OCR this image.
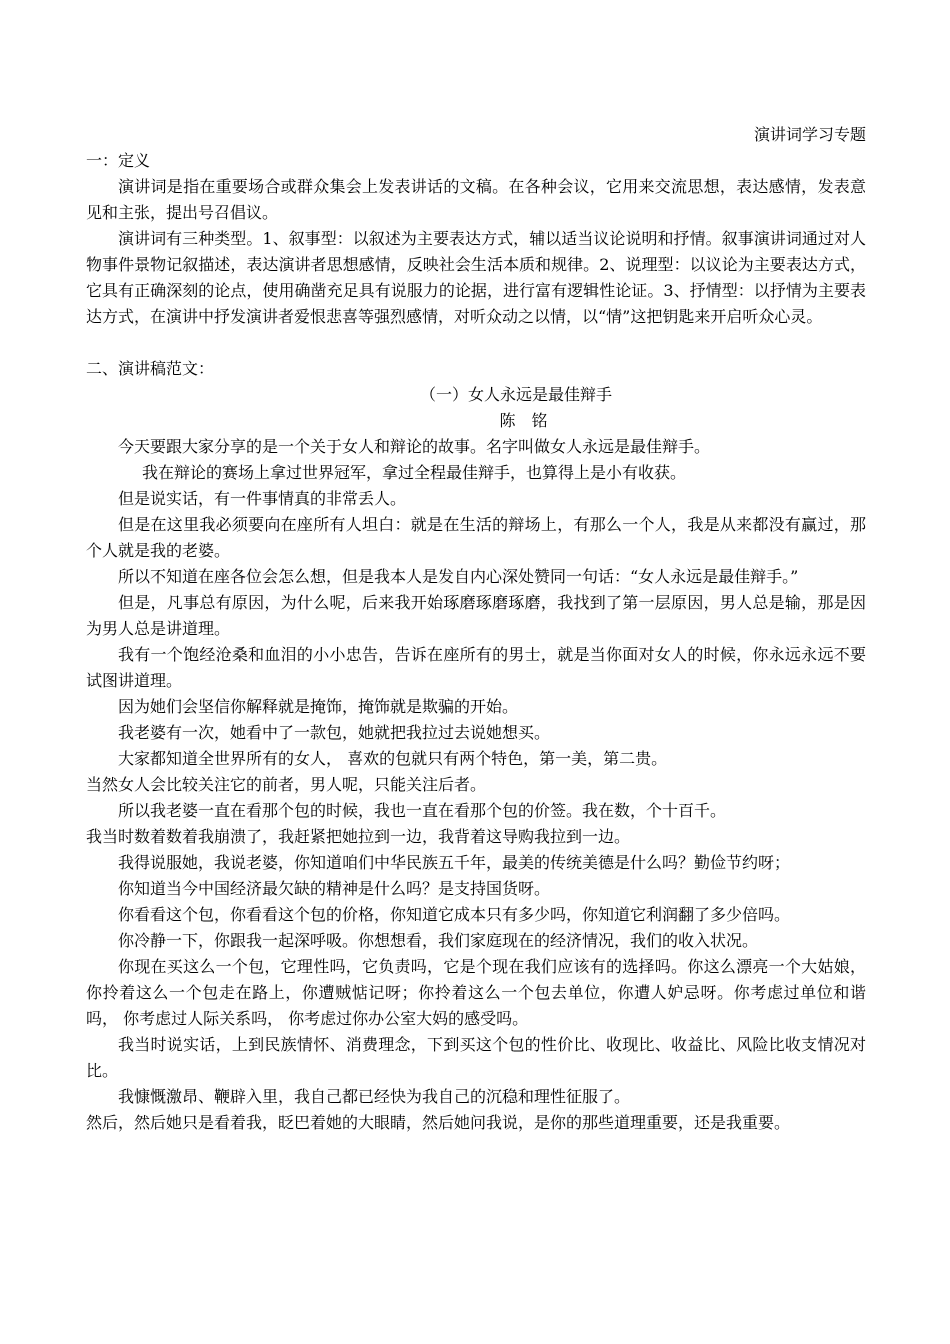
演讲词学习专题
一：定义

演讲词是指在重要场合或群众集会上发表讲话的文稿。在各种会议，它用来交流思想，表达感情，发表意见和主张，提出号召倡议。

演讲词有三种类型。1、叙事型：以叙述为主要表达方式，辅以适当议论说明和抒情。叙事演讲词通过对人物事件景物记叙描述，表达演讲者思想感情，反映社会生活本质和规律。2、说理型：以议论为主要表达方式，它具有正确深刻的论点，使用确凿充足具有说服力的论据，进行富有逻辑性论证。3、抒情型：以抒情为主要表达方式，在演讲中抒发演讲者爱恨悲喜等强烈感情，对听众动之以情，以“情”这把钥匙来开启听众心灵。

二、演讲稿范文：
（一）女人永远是最佳辩手
陈　铭

今天要跟大家分享的是一个关于女人和辩论的故事。名字叫做女人永远是最佳辩手。

我在辩论的赛场上拿过世界冠军，拿过全程最佳辩手，也算得上是小有收获。

但是说实话，有一件事情真的非常丢人。

但是在这里我必须要向在座所有人坦白：就是在生活的辩场上，有那么一个人，我是从来都没有赢过，那个人就是我的老婆。

所以不知道在座各位会怎么想，但是我本人是发自内心深处赞同一句话：“女人永远是最佳辩手。”

但是，凡事总有原因，为什么呢，后来我开始琢磨琢磨琢磨，我找到了第一层原因，男人总是输，那是因为男人总是讲道理。

我有一个饱经沧桑和血泪的小小忠告，告诉在座所有的男士，就是当你面对女人的时候，你永远永远不要试图讲道理。

因为她们会坚信你解释就是掩饰，掩饰就是欺骗的开始。

我老婆有一次，她看中了一款包，她就把我拉过去说她想买。

大家都知道全世界所有的女人， 喜欢的包就只有两个特色，第一美，第二贵。

当然女人会比较关注它的前者，男人呢，只能关注后者。

所以我老婆一直在看那个包的时候，我也一直在看那个包的价签。我在数，个十百千。

我当时数着数着我崩溃了，我赶紧把她拉到一边，我背着这导购我拉到一边。

我得说服她，我说老婆，你知道咱们中华民族五千年，最美的传统美德是什么吗？勤俭节约呀；

你知道当今中国经济最欠缺的精神是什么吗？是支持国货呀。

你看看这个包，你看看这个包的价格，你知道它成本只有多少吗，你知道它利润翻了多少倍吗。

你冷静一下，你跟我一起深呼吸。你想想看，我们家庭现在的经济情况，我们的收入状况。

你现在买这么一个包，它理性吗，它负责吗，它是个现在我们应该有的选择吗。你这么漂亮一个大姑娘，你拎着这么一个包走在路上，你遭贼惦记呀；你拎着这么一个包去单位，你遭人妒忌呀。你考虑过单位和谐吗， 你考虑过人际关系吗， 你考虑过你办公室大妈的感受吗。

我当时说实话，上到民族情怀、消费理念，下到买这个包的性价比、收现比、收益比、风险比收支情况对比。

我慷慨激昂、鞭辟入里，我自己都已经快为我自己的沉稳和理性征服了。

然后，然后她只是看着我，眨巴着她的大眼睛，然后她问我说，是你的那些道理重要，还是我重要。
